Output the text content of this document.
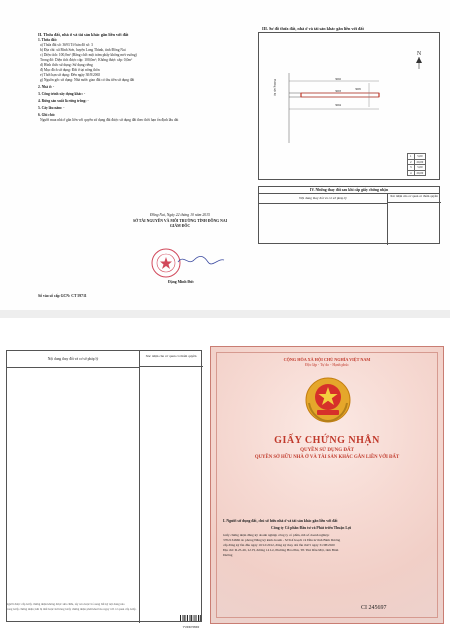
II. Thửa đất, nhà ở và tài sản khác gắn liền với đất
1. Thửa đất:
a) Thửa đất số: 3693 Tờ bản đồ số: 3
b) Địa chỉ: xã Bình Sơn, huyện Long Thành, tỉnh Đồng Nai
c) Diện tích: 100,0m² (Bằng chữ: một trăm phẩy không mét vuông)
Trong đó: Diện tích được cấp: 100,0m²; Không được cấp: 0,0m²
d) Hình thức sử dụng: Sử dụng riêng
đ) Mục đích sử dụng: Đất ở tại nông thôn
e) Thời hạn sử dụng: Đến ngày 30/8/2065
g) Nguồn gốc sử dụng: Nhà nước giao đất có thu tiền sử dụng đất
2. Nhà ở: -
3. Công trình xây dựng khác: -
4. Rừng sản xuất là rừng trồng: -
5. Cây lâu năm: -
6. Ghi chú:
Người mua nhà ở gắn liền với quyền sử dụng đất được sử dụng đất theo thời hạn ổn định lâu dài
III. Sơ đồ thửa đất, nhà ở và tài sản khác gắn liền với đất
N
Đường nội bộ	3692
3693	3695
3694
1	5,00
2	20,00
3	5,00
4	20,00
IV. Những thay đổi sau khi cấp giấy chứng nhận
Nội dung thay đổi và cơ sở pháp lý	Xác nhận của cơ quan có thẩm quyền
Đồng Nai, Ngày 22 tháng 10 năm 2015
SỞ TÀI NGUYÊN VÀ MÔI TRƯỜNG TỈNH ĐỒNG NAI
GIÁM ĐỐC
Đặng Minh Đức
Số vào sổ cấp GCN: CT 59711
Nội dung thay đổi và cơ sở pháp lý
Xác nhận của cơ quan có thẩm quyền
Người được cấp Giấy chứng nhận không được sửa chữa, tẩy xóa hoặc bổ sung bất kỳ nội dung nào
trong Giấy chứng nhận; khi bị mất hoặc hư hỏng Giấy chứng nhận phải khai báo ngay với cơ quan cấp Giấy.
TV8060708800
CỘNG HÒA XÃ HỘI CHỦ NGHĨA VIỆT NAM
Độc lập - Tự do - Hạnh phúc
GIẤY CHỨNG NHẬN
QUYỀN SỬ DỤNG ĐẤT
QUYỀN SỞ HỮU NHÀ Ở VÀ TÀI SẢN KHÁC GẮN LIỀN VỚI ĐẤT
I. Người sử dụng đất, chủ sở hữu nhà ở và tài sản khác gắn liền với đất
Công ty Cổ phần Đầu tư và Phát triển Thuận Lợi
Giấy chứng nhận đăng ký doanh nghiệp công ty cổ phần, mã số doanh nghiệp:
3702134666 do phòng Đăng ký kinh doanh - Sở Kế hoạch và Đầu tư tỉnh Bình Dương
cấp đăng ký lần đầu ngày 10/12/2012, đăng ký thay đổi lần thứ 5 ngày 31/08/2020
Địa chỉ: D.25-26, Lô H, đường 14 Lê, Phường Hòa Phú, TP. Thủ Dầu Một, tỉnh Bình
Dương
CI 245697
